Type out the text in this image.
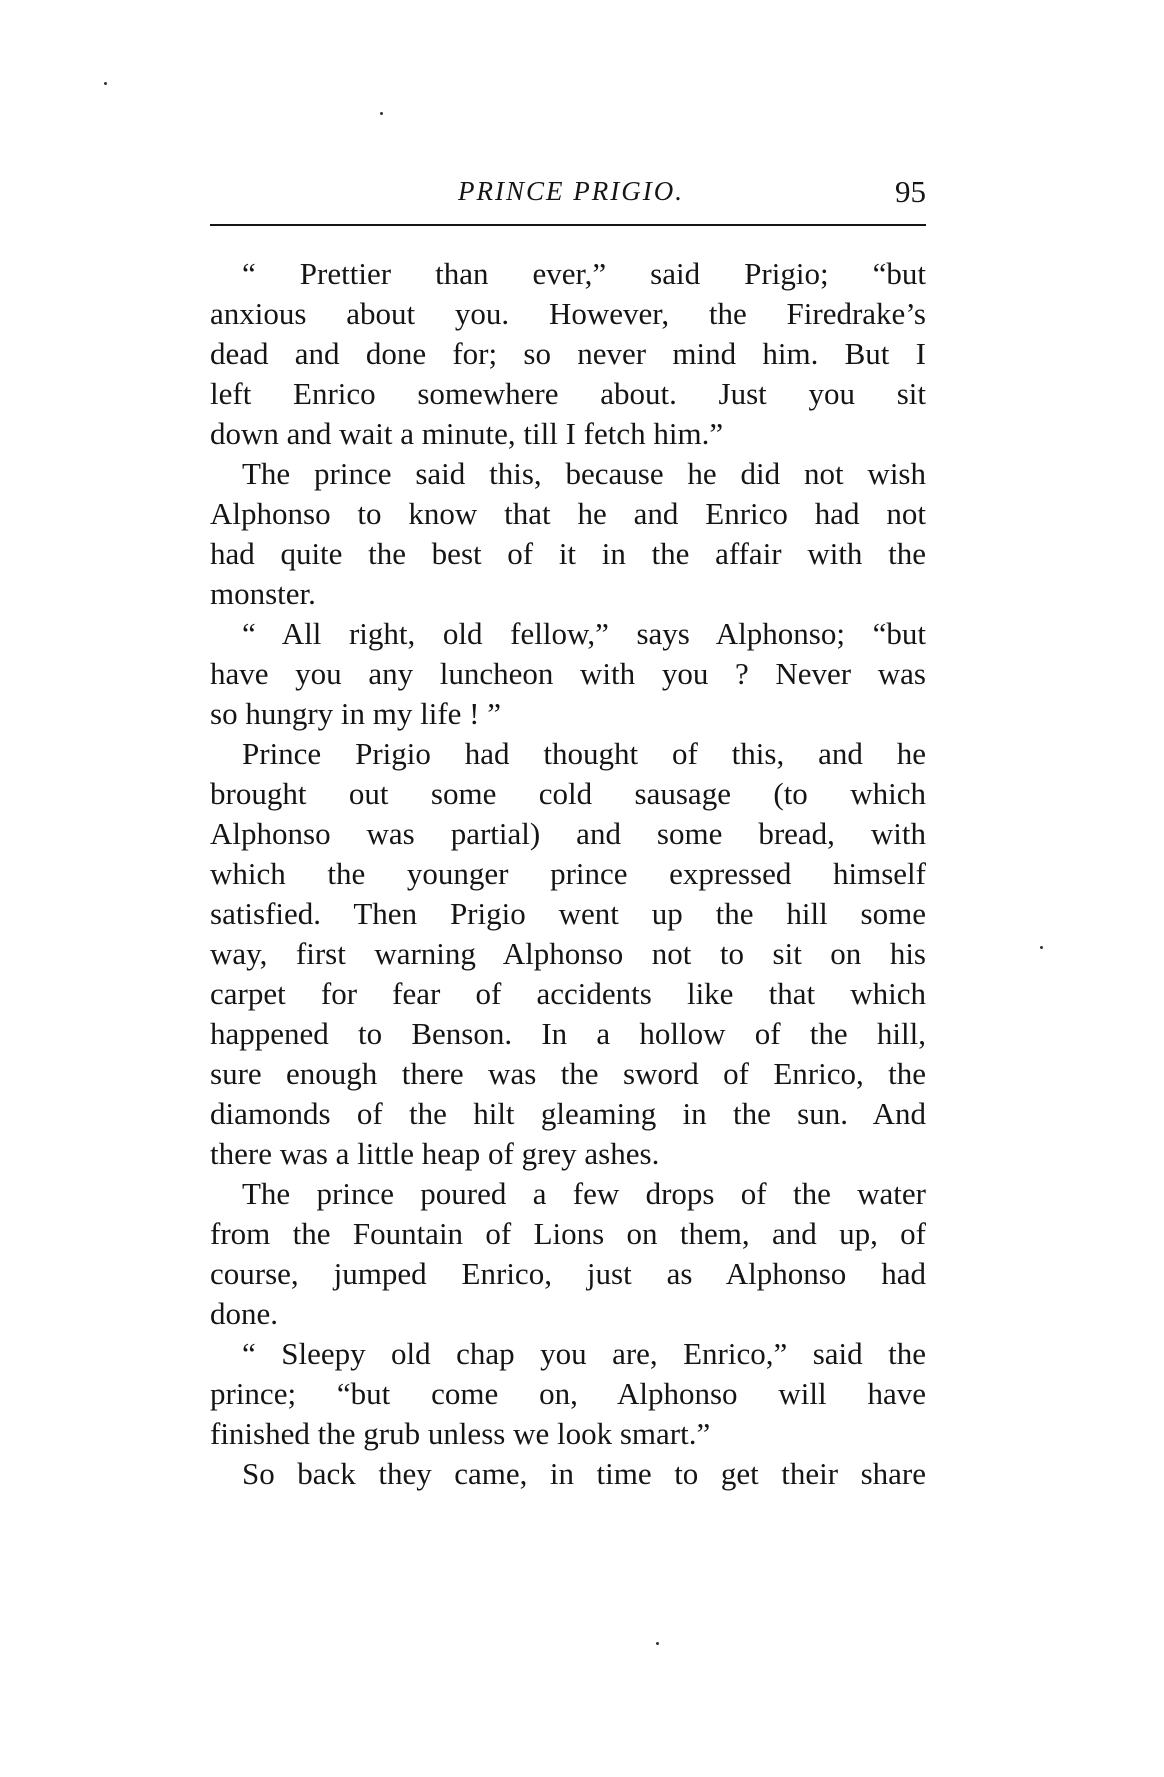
PRINCE PRIGIO.	95
“ Prettier than ever,” said Prigio; “but
anxious about you. However, the Firedrake’s
dead and done for; so never mind him. But I
left Enrico somewhere about. Just you sit
down and wait a minute, till I fetch him.”
The prince said this, because he did not wish
Alphonso to know that he and Enrico had not
had quite the best of it in the affair with the
monster.
“ All right, old fellow,” says Alphonso; “but
have you any luncheon with you ? Never was
so hungry in my life ! ”
Prince Prigio had thought of this, and he
brought out some cold sausage (to which
Alphonso was partial) and some bread, with
which the younger prince expressed himself
satisfied. Then Prigio went up the hill some
way, first warning Alphonso not to sit on his
carpet for fear of accidents like that which
happened to Benson. In a hollow of the hill,
sure enough there was the sword of Enrico, the
diamonds of the hilt gleaming in the sun. And
there was a little heap of grey ashes.
The prince poured a few drops of the water
from the Fountain of Lions on them, and up, of
course, jumped Enrico, just as Alphonso had
done.
“ Sleepy old chap you are, Enrico,” said the
prince; “but come on, Alphonso will have
finished the grub unless we look smart.”
So back they came, in time to get their share
